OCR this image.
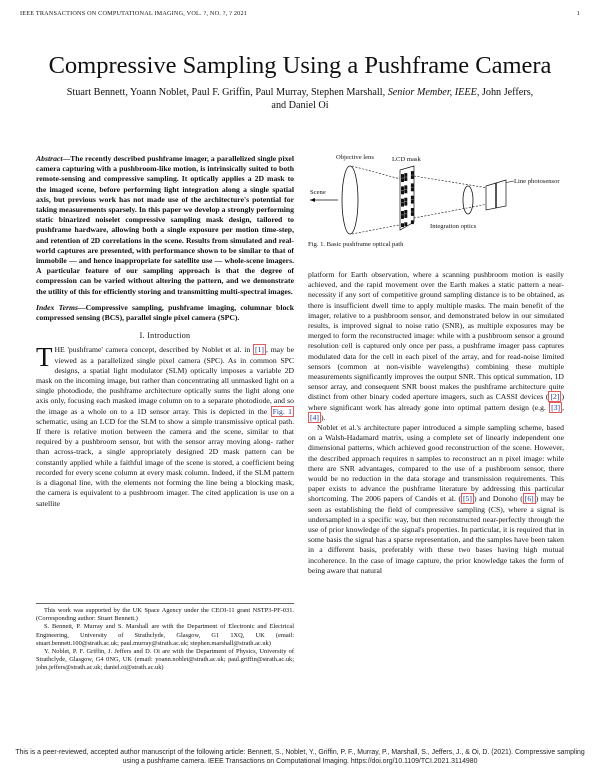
IEEE TRANSACTIONS ON COMPUTATIONAL IMAGING, VOL. ?, NO. ?, ? 2021	1
Compressive Sampling Using a Pushframe Camera
Stuart Bennett, Yoann Noblet, Paul F. Griffin, Paul Murray, Stephen Marshall, Senior Member, IEEE, John Jeffers,
and Daniel Oi

Abstract—The recently described pushframe imager, a parallelized single pixel camera capturing with a pushbroom-like motion, is intrinsically suited to both remote-sensing and compressive sampling. It optically applies a 2D mask to the imaged scene, before performing light integration along a single spatial axis, but previous work has not made use of the architecture's potential for taking measurements sparsely. In this paper we develop a strongly performing static binarized noiselet compressive sampling mask design, tailored to pushframe hardware, allowing both a single exposure per motion time-step, and retention of 2D correlations in the scene. Results from simulated and real-world captures are presented, with performance shown to be similar to that of immobile — and hence inappropriate for satellite use — whole-scene imagers. A particular feature of our sampling approach is that the degree of compression can be varied without altering the pattern, and we demonstrate the utility of this for efficiently storing and transmitting multi-spectral images.

Index Terms—Compressive sampling, pushframe imaging, columnar block compressed sensing (BCS), parallel single pixel camera (SPC).

I. Introduction

THE 'pushframe' camera concept, described by Noblet et al. in [1] , may be viewed as a parallelized single pixel camera (SPC). As in common SPC designs, a spatial light modulator (SLM) optically imposes a variable 2D mask on the incoming image, but rather than concentrating all unmasked light on a single photodiode, the pushframe architecture optically sums the light along one axis only, focusing each masked image column on to a separate photodiode, and so the image as a whole on to a 1D sensor array. This is depicted in the Fig. 1 schematic, using an LCD for the SLM to show a simple transmissive optical path. If there is relative motion between the camera and the scene, similar to that required by a pushbroom sensor, but with the sensor array moving along- rather than across-track, a single appropriately designed 2D mask pattern can be constantly applied while a faithful image of the scene is stored, a coefficient being recorded for every scene column at every mask column. Indeed, if the SLM pattern is a diagonal line, with the elements not forming the line being a blocking mask, the camera is equivalent to a pushbroom imager. The cited application is use on a satellite

This work was supported by the UK Space Agency under the CEOI-11 grant NSTP3-PF-031. (Corresponding author: Stuart Bennett.)

S. Bennett, P. Murray and S. Marshall are with the Department of Electronic and Electrical Engineering, University of Strathclyde, Glasgow, G1 1XQ, UK (email: stuart.bennett.100@strath.ac.uk; paul.murray@strath.ac.uk; stephen.marshall@strath.ac.uk)

Y. Noblet, P. F. Griffin, J. Jeffers and D. Oi are with the Department of Physics, University of Strathclyde, Glasgow, G4 0NG, UK (email: yoann.noblet@strath.ac.uk; paul.griffin@strath.ac.uk; john.jeffers@strath.ac.uk; daniel.oi@strath.ac.uk)

Objective lens	LCD mask
Line photosensor
Scene
Integration optics
Fig. 1. Basic pushframe optical path

platform for Earth observation, where a scanning pushbroom motion is easily achieved, and the rapid movement over the Earth makes a static pattern a near-necessity if any sort of competitive ground sampling distance is to be obtained, as there is insufficient dwell time to apply multiple masks. The main benefit of the imager, relative to a pushbroom sensor, and demonstrated below in our simulated results, is improved signal to noise ratio (SNR), as multiple exposures may be merged to form the reconstructed image: while with a pushbroom sensor a ground resolution cell is captured only once per pass, a pushframe imager pass captures modulated data for the cell in each pixel of the array, and for read-noise limited sensors (common at non-visible wavelengths) combining these multiple measurements significantly improves the output SNR. This optical summation, 1D sensor array, and consequent SNR boost makes the pushframe architecture quite distinct from other binary coded aperture imagers, such as CASSI devices ( [2] ) where significant work has already gone into optimal pattern design (e.g. [3] , [4] ).

Noblet et al.'s architecture paper introduced a simple sampling scheme, based on a Walsh-Hadamard matrix, using a complete set of linearly independent one dimensional patterns, which achieved good reconstruction of the scene. However, the described approach requires n samples to reconstruct an n pixel image: while there are SNR advantages, compared to the use of a pushbroom sensor, there would be no reduction in the data storage and transmission requirements. This paper exists to advance the pushframe literature by addressing this particular shortcoming. The 2006 papers of Candès et al. ( [5] ) and Donoho ( [6] ) may be seen as establishing the field of compressive sampling (CS), where a signal is undersampled in a specific way, but then reconstructed near-perfectly through the use of prior knowledge of the signal's properties. In particular, it is required that in some basis the signal has a sparse representation, and the samples have been taken in a different basis, preferably with these two bases having high mutual incoherence. In the case of image capture, the prior knowledge takes the form of being aware that natural

This is a peer-reviewed, accepted author manuscript of the following article: Bennett, S., Noblet, Y., Griffin, P. F., Murray, P., Marshall, S., Jeffers, J., & Oi, D. (2021). Compressive sampling using a pushframe camera. IEEE Transactions on Computational Imaging. https://doi.org/10.1109/TCI.2021.3114980
